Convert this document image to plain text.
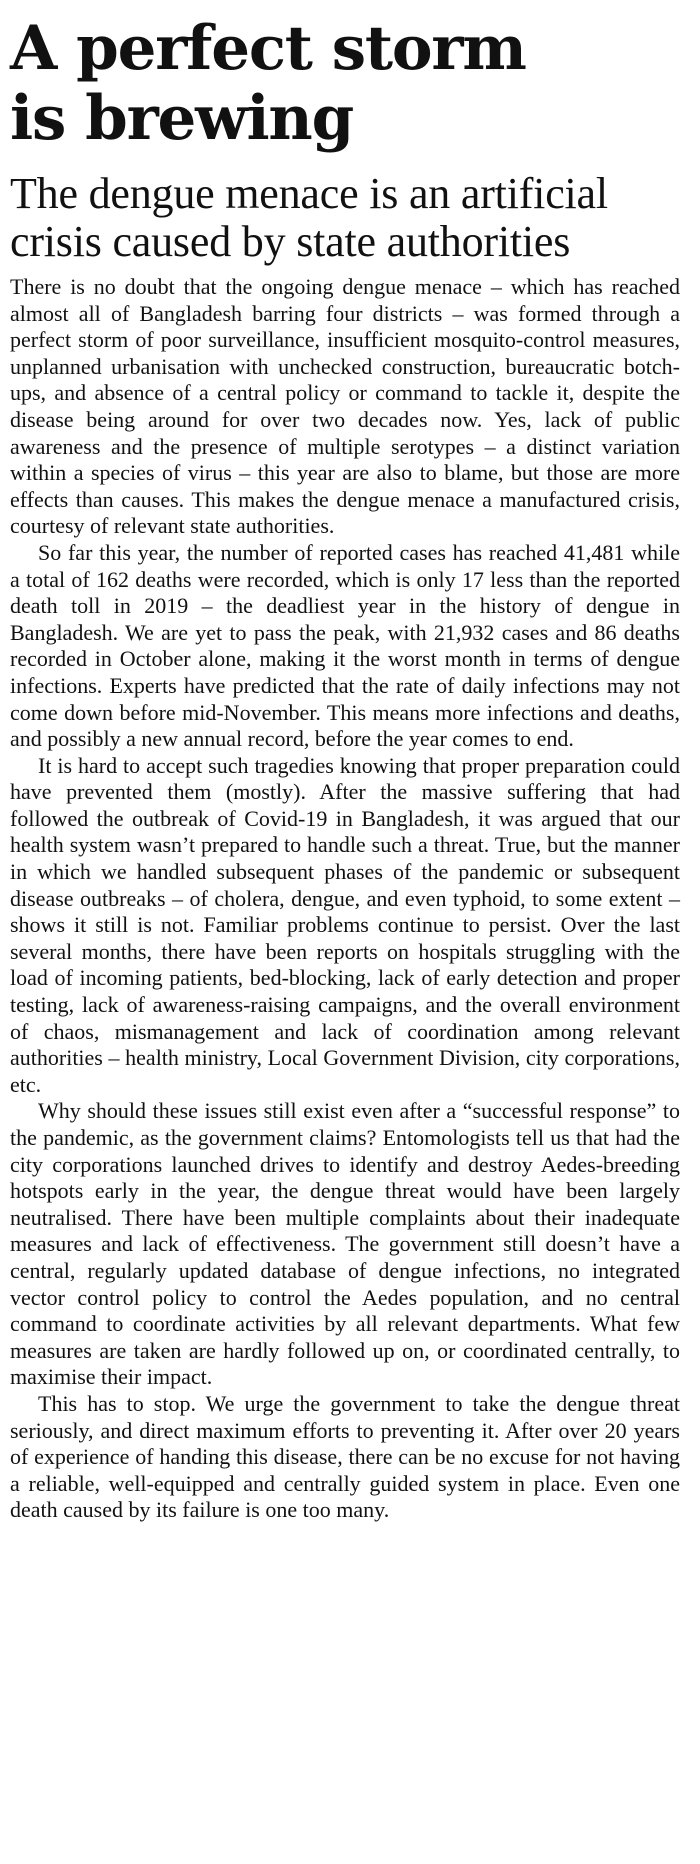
A perfect storm
is brewing
The dengue menace is an artificial
crisis caused by state authorities

There is no doubt that the ongoing dengue menace – which has reached almost all of Bangladesh barring four districts – was formed through a perfect storm of poor surveillance, insufficient mosquito-control measures, unplanned urbanisation with unchecked construction, bureaucratic botch-ups, and absence of a central policy or command to tackle it, despite the disease being around for over two decades now. Yes, lack of public awareness and the presence of multiple serotypes – a distinct variation within a species of virus – this year are also to blame, but those are more effects than causes. This makes the dengue menace a manufactured crisis, courtesy of relevant state authorities.

So far this year, the number of reported cases has reached 41,481 while a total of 162 deaths were recorded, which is only 17 less than the reported death toll in 2019 – the deadliest year in the history of dengue in Bangladesh. We are yet to pass the peak, with 21,932 cases and 86 deaths recorded in October alone, making it the worst month in terms of dengue infections. Experts have predicted that the rate of daily infections may not come down before mid-November. This means more infections and deaths, and possibly a new annual record, before the year comes to end.

It is hard to accept such tragedies knowing that proper preparation could have prevented them (mostly). After the massive suffering that had followed the outbreak of Covid-19 in Bangladesh, it was argued that our health system wasn’t prepared to handle such a threat. True, but the manner in which we handled subsequent phases of the pandemic or subsequent disease outbreaks – of cholera, dengue, and even typhoid, to some extent – shows it still is not. Familiar problems continue to persist. Over the last several months, there have been reports on hospitals struggling with the load of incoming patients, bed-blocking, lack of early detection and proper testing, lack of awareness-raising campaigns, and the overall environment of chaos, mismanagement and lack of coordination among relevant authorities – health ministry, Local Government Division, city corporations, etc.

Why should these issues still exist even after a “successful response” to the pandemic, as the government claims? Entomologists tell us that had the city corporations launched drives to identify and destroy Aedes-breeding hotspots early in the year, the dengue threat would have been largely neutralised. There have been multiple complaints about their inadequate measures and lack of effectiveness. The government still doesn’t have a central, regularly updated database of dengue infections, no integrated vector control policy to control the Aedes population, and no central command to coordinate activities by all relevant departments. What few measures are taken are hardly followed up on, or coordinated centrally, to maximise their impact.

This has to stop. We urge the government to take the dengue threat seriously, and direct maximum efforts to preventing it. After over 20 years of experience of handing this disease, there can be no excuse for not having a reliable, well-equipped and centrally guided system in place. Even one death caused by its failure is one too many.
